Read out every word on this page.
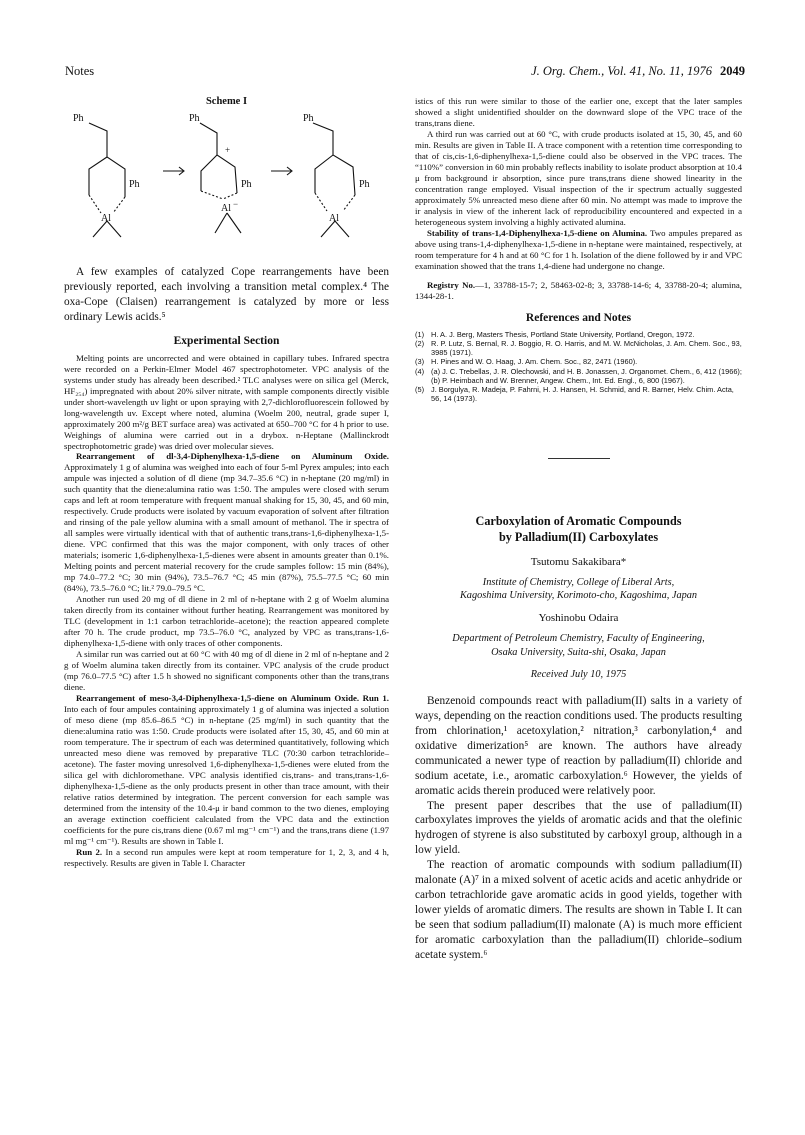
Notes	J. Org. Chem., Vol. 41, No. 11, 1976 2049
Scheme I
Ph
Ph
Ph
Ph
Ph
Ph
Al
Al
Al
+
−

A few examples of catalyzed Cope rearrangements have been previously reported, each involving a transition metal complex.⁴ The oxa-Cope (Claisen) rearrangement is catalyzed by more or less ordinary Lewis acids.⁵

Experimental Section

Melting points are uncorrected and were obtained in capillary tubes. Infrared spectra were recorded on a Perkin-Elmer Model 467 spectrophotometer. VPC analysis of the systems under study has already been described.² TLC analyses were on silica gel (Merck, HF₂₅₄) impregnated with about 20% silver nitrate, with sample components directly visible under short-wavelength uv light or upon spraying with 2,7-dichlorofluorescein followed by long-wavelength uv. Except where noted, alumina (Woelm 200, neutral, grade super I, approximately 200 m²/g BET surface area) was activated at 650–700 °C for 4 h prior to use. Weighings of alumina were carried out in a drybox. n-Heptane (Mallinckrodt spectrophotometric grade) was dried over molecular sieves.

Rearrangement of dl-3,4-Diphenylhexa-1,5-diene on Aluminum Oxide. Approximately 1 g of alumina was weighed into each of four 5-ml Pyrex ampules; into each ampule was injected a solution of dl diene (mp 34.7–35.6 °C) in n-heptane (20 mg/ml) in such quantity that the diene:alumina ratio was 1:50. The ampules were closed with serum caps and left at room temperature with frequent manual shaking for 15, 30, 45, and 60 min, respectively. Crude products were isolated by vacuum evaporation of solvent after filtration and rinsing of the pale yellow alumina with a small amount of methanol. The ir spectra of all samples were virtually identical with that of authentic trans,trans-1,6-diphenylhexa-1,5-diene. VPC confirmed that this was the major component, with only traces of other materials; isomeric 1,6-diphenylhexa-1,5-dienes were absent in amounts greater than 0.1%. Melting points and percent material recovery for the crude samples follow: 15 min (84%), mp 74.0–77.2 °C; 30 min (94%), 73.5–76.7 °C; 45 min (87%), 75.5–77.5 °C; 60 min (84%), 73.5–76.0 °C; lit.² 79.0–79.5 °C.

Another run used 20 mg of dl diene in 2 ml of n-heptane with 2 g of Woelm alumina taken directly from its container without further heating. Rearrangement was monitored by TLC (development in 1:1 carbon tetrachloride–acetone); the reaction appeared complete after 70 h. The crude product, mp 73.5–76.0 °C, analyzed by VPC as trans,trans-1,6-diphenylhexa-1,5-diene with only traces of other components.

A similar run was carried out at 60 °C with 40 mg of dl diene in 2 ml of n-heptane and 2 g of Woelm alumina taken directly from its container. VPC analysis of the crude product (mp 76.0–77.5 °C) after 1.5 h showed no significant components other than the trans,trans diene.

Rearrangement of meso-3,4-Diphenylhexa-1,5-diene on Aluminum Oxide. Run 1. Into each of four ampules containing approximately 1 g of alumina was injected a solution of meso diene (mp 85.6–86.5 °C) in n-heptane (25 mg/ml) in such quantity that the diene:alumina ratio was 1:50. Crude products were isolated after 15, 30, 45, and 60 min at room temperature. The ir spectrum of each was determined quantitatively, following which unreacted meso diene was removed by preparative TLC (70:30 carbon tetrachloride–acetone). The faster moving unresolved 1,6-diphenylhexa-1,5-dienes were eluted from the silica gel with dichloromethane. VPC analysis identified cis,trans- and trans,trans-1,6-diphenylhexa-1,5-diene as the only products present in other than trace amount, with their relative ratios determined by integration. The percent conversion for each sample was determined from the intensity of the 10.4-μ ir band common to the two dienes, employing an average extinction coefficient calculated from the VPC data and the extinction coefficients for the pure cis,trans diene (0.67 ml mg⁻¹ cm⁻¹) and the trans,trans diene (1.97 ml mg⁻¹ cm⁻¹). Results are shown in Table I.

Run 2. In a second run ampules were kept at room temperature for 1, 2, 3, and 4 h, respectively. Results are given in Table I. Character

istics of this run were similar to those of the earlier one, except that the later samples showed a slight unidentified shoulder on the downward slope of the VPC trace of the trans,trans diene.

A third run was carried out at 60 °C, with crude products isolated at 15, 30, 45, and 60 min. Results are given in Table II. A trace component with a retention time corresponding to that of cis,cis-1,6-diphenylhexa-1,5-diene could also be observed in the VPC traces. The “110%” conversion in 60 min probably reflects inability to isolate product absorption at 10.4 μ from background ir absorption, since pure trans,trans diene showed linearity in the concentration range employed. Visual inspection of the ir spectrum actually suggested approximately 5% unreacted meso diene after 60 min. No attempt was made to improve the ir analysis in view of the inherent lack of reproducibility encountered and expected in a heterogeneous system involving a highly activated alumina.

Stability of trans-1,4-Diphenylhexa-1,5-diene on Alumina. Two ampules prepared as above using trans-1,4-diphenylhexa-1,5-diene in n-heptane were maintained, respectively, at room temperature for 4 h and at 60 °C for 1 h. Isolation of the diene followed by ir and VPC examination showed that the trans 1,4-diene had undergone no change.

Registry No.—1, 33788-15-7; 2, 58463-02-8; 3, 33788-14-6; 4, 33788-20-4; alumina, 1344-28-1.

References and Notes
(1) H. A. J. Berg, Masters Thesis, Portland State University, Portland, Oregon, 1972.
(2) R. P. Lutz, S. Bernal, R. J. Boggio, R. O. Harris, and M. W. McNicholas, J. Am. Chem. Soc., 93, 3985 (1971).
(3) H. Pines and W. O. Haag, J. Am. Chem. Soc., 82, 2471 (1960).
(4) (a) J. C. Trebellas, J. R. Olechowski, and H. B. Jonassen, J. Organomet. Chem., 6, 412 (1966); (b) P. Heimbach and W. Brenner, Angew. Chem., Int. Ed. Engl., 6, 800 (1967).
(5) J. Borgulya, R. Madeja, P. Fahrni, H. J. Hansen, H. Schmid, and R. Barner, Helv. Chim. Acta, 56, 14 (1973).
Carboxylation of Aromatic Compounds
by Palladium(II) Carboxylates
Tsutomu Sakakibara*
Institute of Chemistry, College of Liberal Arts,
Kagoshima University, Korimoto-cho, Kagoshima, Japan
Yoshinobu Odaira
Department of Petroleum Chemistry, Faculty of Engineering,
Osaka University, Suita-shi, Osaka, Japan
Received July 10, 1975

Benzenoid compounds react with palladium(II) salts in a variety of ways, depending on the reaction conditions used. The products resulting from chlorination,¹ acetoxylation,² nitration,³ carbonylation,⁴ and oxidative dimerization⁵ are known. The authors have already communicated a newer type of reaction by palladium(II) chloride and sodium acetate, i.e., aromatic carboxylation.⁶ However, the yields of aromatic acids therein produced were relatively poor.

The present paper describes that the use of palladium(II) carboxylates improves the yields of aromatic acids and that the olefinic hydrogen of styrene is also substituted by carboxyl group, although in a low yield.

The reaction of aromatic compounds with sodium palladium(II) malonate (A)⁷ in a mixed solvent of acetic acids and acetic anhydride or carbon tetrachloride gave aromatic acids in good yields, together with lower yields of aromatic dimers. The results are shown in Table I. It can be seen that sodium palladium(II) malonate (A) is much more efficient for aromatic carboxylation than the palladium(II) chloride–sodium acetate system.⁶
